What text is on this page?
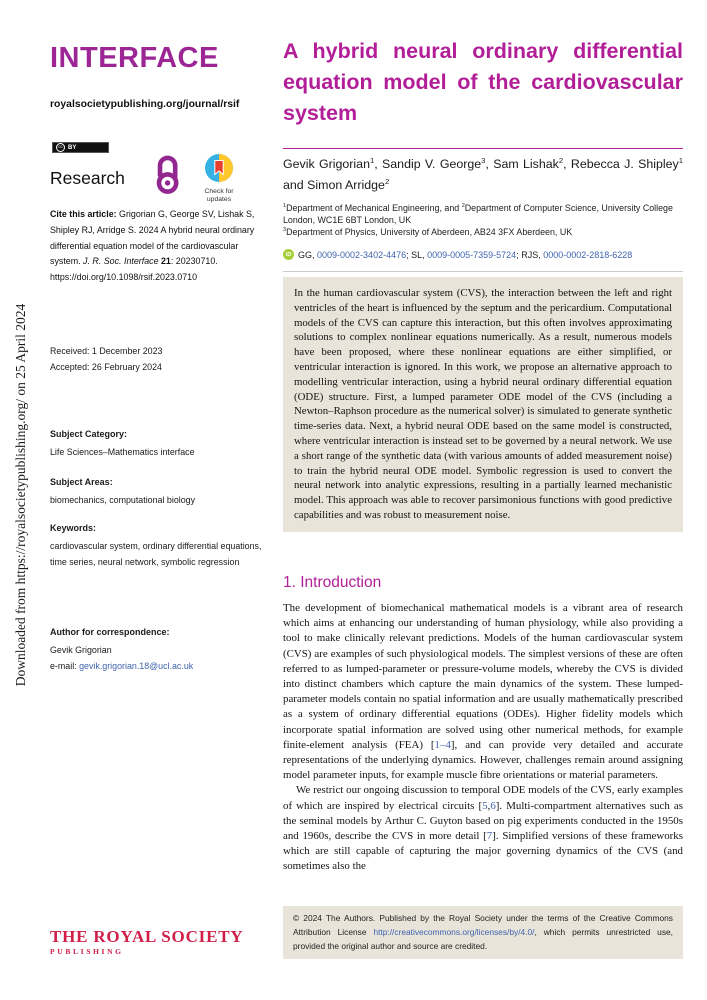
Downloaded from https://royalsocietypublishing.org/ on 25 April 2024
INTERFACE
royalsocietypublishing.org/journal/rsif
cc BY
Research
Check for updates
Cite this article: Grigorian G, George SV, Lishak S, Shipley RJ, Arridge S. 2024 A hybrid neural ordinary differential equation model of the cardiovascular system. J. R. Soc. Interface 21: 20230710.
https://doi.org/10.1098/rsif.2023.0710
Received: 1 December 2023
Accepted: 26 February 2024
Subject Category:
Life Sciences–Mathematics interface
Subject Areas:
biomechanics, computational biology
Keywords:
cardiovascular system, ordinary differential equations, time series, neural network, symbolic regression
Author for correspondence:
Gevik Grigorian
e-mail: gevik.grigorian.18@ucl.ac.uk
THE ROYAL SOCIETY
PUBLISHING
A hybrid neural ordinary differential equation model of the cardiovascular system
Gevik Grigorian$^1$, Sandip V. George$^3$, Sam Lishak$^2$, Rebecca J. Shipley$^1$ and Simon Arridge$^2$
$^1$Department of Mechanical Engineering, and $^2$Department of Computer Science, University College London, WC1E 6BT London, UK
$^3$Department of Physics, University of Aberdeen, AB24 3FX Aberdeen, UK
iD GG, 0009-0002-3402-4476; SL, 0009-0005-7359-5724; RJS, 0000-0002-2818-6228
In the human cardiovascular system (CVS), the interaction between the left and right ventricles of the heart is influenced by the septum and the pericardium. Computational models of the CVS can capture this interaction, but this often involves approximating solutions to complex nonlinear equations numerically. As a result, numerous models have been proposed, where these nonlinear equations are either simplified, or ventricular interaction is ignored. In this work, we propose an alternative approach to modelling ventricular interaction, using a hybrid neural ordinary differential equation (ODE) structure. First, a lumped parameter ODE model of the CVS (including a Newton–Raphson procedure as the numerical solver) is simulated to generate synthetic time-series data. Next, a hybrid neural ODE based on the same model is constructed, where ventricular interaction is instead set to be governed by a neural network. We use a short range of the synthetic data (with various amounts of added measurement noise) to train the hybrid neural ODE model. Symbolic regression is used to convert the neural network into analytic expressions, resulting in a partially learned mechanistic model. This approach was able to recover parsimonious functions with good predictive capabilities and was robust to measurement noise.
1. Introduction

The development of biomechanical mathematical models is a vibrant area of research which aims at enhancing our understanding of human physiology, while also providing a tool to make clinically relevant predictions. Models of the human cardiovascular system (CVS) are examples of such physiological models. The simplest versions of these are often referred to as lumped-parameter or pressure-volume models, whereby the CVS is divided into distinct chambers which capture the main dynamics of the system. These lumped-parameter models contain no spatial information and are usually mathematically prescribed as a system of ordinary differential equations (ODEs). Higher fidelity models which incorporate spatial information are solved using other numerical methods, for example finite-element analysis (FEA) [1–4], and can provide very detailed and accurate representations of the underlying dynamics. However, challenges remain around assigning model parameter inputs, for example muscle fibre orientations or material parameters.

We restrict our ongoing discussion to temporal ODE models of the CVS, early examples of which are inspired by electrical circuits [5,6]. Multi-compartment alternatives such as the seminal models by Arthur C. Guyton based on pig experiments conducted in the 1950s and 1960s, describe the CVS in more detail [7]. Simplified versions of these frameworks which are still capable of capturing the major governing dynamics of the CVS (and sometimes also the

© 2024 The Authors. Published by the Royal Society under the terms of the Creative Commons Attribution License http://creativecommons.org/licenses/by/4.0/, which permits unrestricted use, provided the original author and source are credited.
